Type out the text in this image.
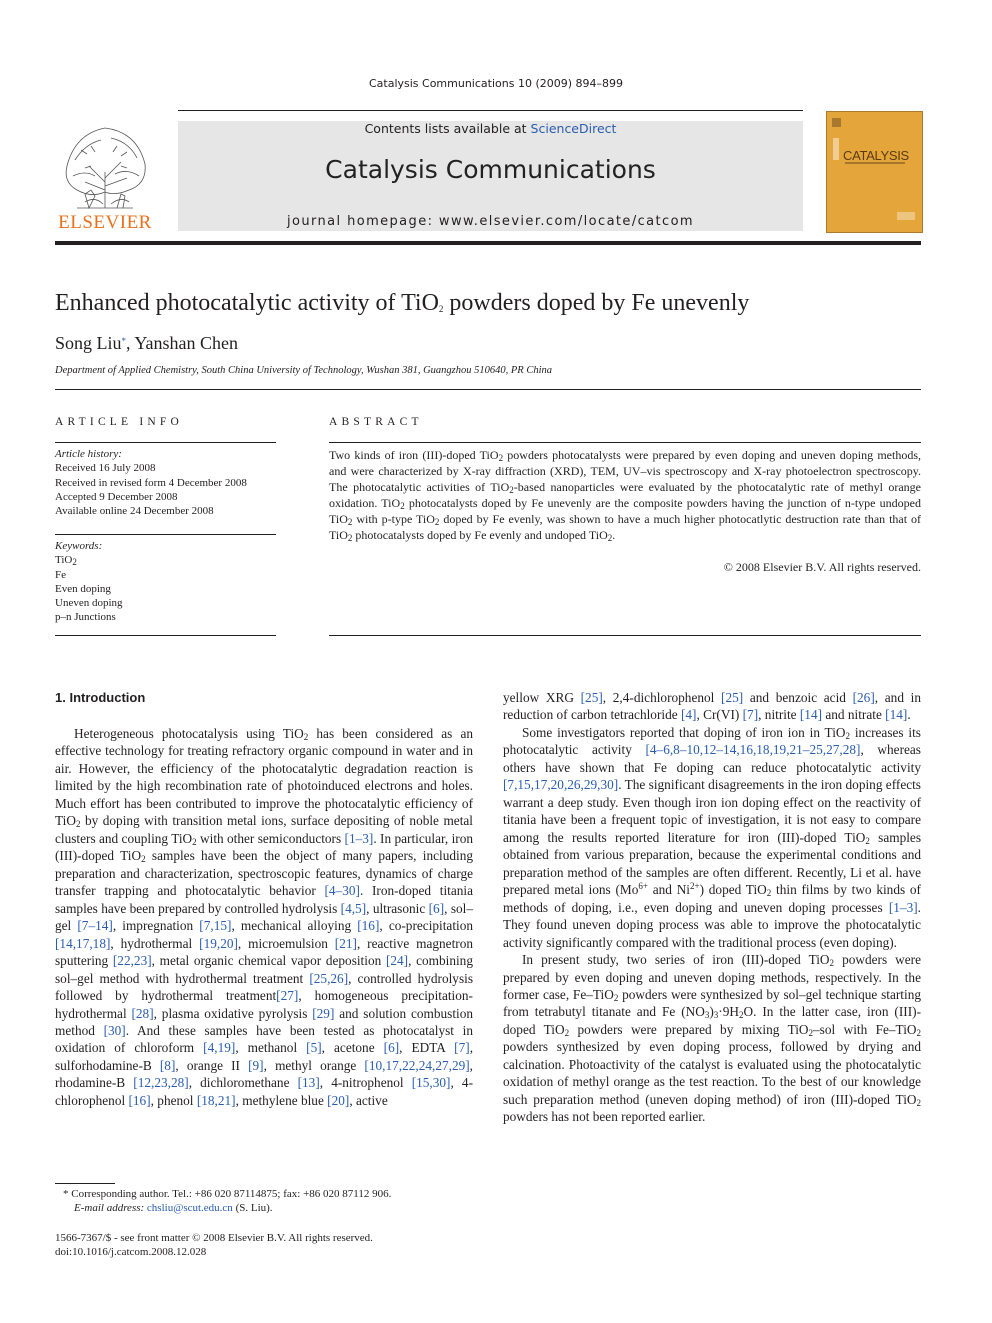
Catalysis Communications 10 (2009) 894–899
ELSEVIER
Contents lists available at ScienceDirect
Catalysis Communications
journal homepage: www.elsevier.com/locate/catcom
CATALYSIS
Enhanced photocatalytic activity of TiO$_2$ powders doped by Fe unevenly
Song Liu*, Yanshan Chen
Department of Applied Chemistry, South China University of Technology, Wushan 381, Guangzhou 510640, PR China
ARTICLE INFO	ABSTRACT
Article history:
Received 16 July 2008
Received in revised form 4 December 2008
Accepted 9 December 2008
Available online 24 December 2008
Keywords:
TiO$_2$
Fe
Even doping
Uneven doping
p–n Junctions
Two kinds of iron (III)-doped TiO$_2$ powders photocatalysts were prepared by even doping and uneven doping methods, and were characterized by X-ray diffraction (XRD), TEM, UV–vis spectroscopy and X-ray photoelectron spectroscopy. The photocatalytic activities of TiO$_2$-based nanoparticles were evaluated by the photocatalytic rate of methyl orange oxidation. TiO$_2$ photocatalysts doped by Fe unevenly are the composite powders having the junction of n-type undoped TiO$_2$ with p-type TiO$_2$ doped by Fe evenly, was shown to have a much higher photocatlytic destruction rate than that of TiO$_2$ photocatalysts doped by Fe evenly and undoped TiO$_2$.
© 2008 Elsevier B.V. All rights reserved.

1. Introduction

Heterogeneous photocatalysis using TiO$_2$ has been considered as an effective technology for treating refractory organic compound in water and in air. However, the efficiency of the photocatalytic degradation reaction is limited by the high recombination rate of photoinduced electrons and holes. Much effort has been contributed to improve the photocatalytic efficiency of TiO$_2$ by doping with transition metal ions, surface depositing of noble metal clusters and coupling TiO$_2$ with other semiconductors [1–3]. In particular, iron (III)-doped TiO$_2$ samples have been the object of many papers, including preparation and characterization, spectroscopic features, dynamics of charge transfer trapping and photocatalytic behavior [4–30]. Iron-doped titania samples have been prepared by controlled hydrolysis [4,5], ultrasonic [6], sol–gel [7–14], impregnation [7,15], mechanical alloying [16], co-precipitation [14,17,18], hydrothermal [19,20], microemulsion [21], reactive magnetron sputtering [22,23], metal organic chemical vapor deposition [24], combining sol–gel method with hydrothermal treatment [25,26], controlled hydrolysis followed by hydrothermal treatment[27], homogeneous precipitation-hydrothermal [28], plasma oxidative pyrolysis [29] and solution combustion method [30]. And these samples have been tested as photocatalyst in oxidation of chloroform [4,19], methanol [5], acetone [6], EDTA [7], sulforhodamine-B [8], orange II [9], methyl orange [10,17,22,24,27,29], rhodamine-B [12,23,28], dichloromethane [13], 4-nitrophenol [15,30], 4-chlorophenol [16], phenol [18,21], methylene blue [20], active

yellow XRG [25], 2,4-dichlorophenol [25] and benzoic acid [26], and in reduction of carbon tetrachloride [4], Cr(VI) [7], nitrite [14] and nitrate [14].

Some investigators reported that doping of iron ion in TiO$_2$ increases its photocatalytic activity [4–6,8–10,12–14,16,18,19,21–25,27,28], whereas others have shown that Fe doping can reduce photocatalytic activity [7,15,17,20,26,29,30]. The significant disagreements in the iron doping effects warrant a deep study. Even though iron ion doping effect on the reactivity of titania have been a frequent topic of investigation, it is not easy to compare among the results reported literature for iron (III)-doped TiO$_2$ samples obtained from various preparation, because the experimental conditions and preparation method of the samples are often different. Recently, Li et al. have prepared metal ions ($Mo^{6+}$ and $Ni^{2+}$) doped TiO$_2$ thin films by two kinds of methods of doping, i.e., even doping and uneven doping processes [1–3]. They found uneven doping process was able to improve the photocatalytic activity significantly compared with the traditional process (even doping).

In present study, two series of iron (III)-doped TiO$_2$ powders were prepared by even doping and uneven doping methods, respectively. In the former case, Fe–TiO$_2$ powders were synthesized by sol–gel technique starting from tetrabutyl titanate and Fe $(NO_3)_3\cdot 9H_2O$. In the latter case, iron (III)-doped TiO$_2$ powders were prepared by mixing TiO$_2$–sol with Fe–TiO$_2$ powders synthesized by even doping process, followed by drying and calcination. Photoactivity of the catalyst is evaluated using the photocatalytic oxidation of methyl orange as the test reaction. To the best of our knowledge such preparation method (uneven doping method) of iron (III)-doped TiO$_2$ powders has not been reported earlier.

* Corresponding author. Tel.: +86 020 87114875; fax: +86 020 87112 906.
E-mail address: chsliu@scut.edu.cn (S. Liu).
1566-7367/$ - see front matter © 2008 Elsevier B.V. All rights reserved.
doi:10.1016/j.catcom.2008.12.028
